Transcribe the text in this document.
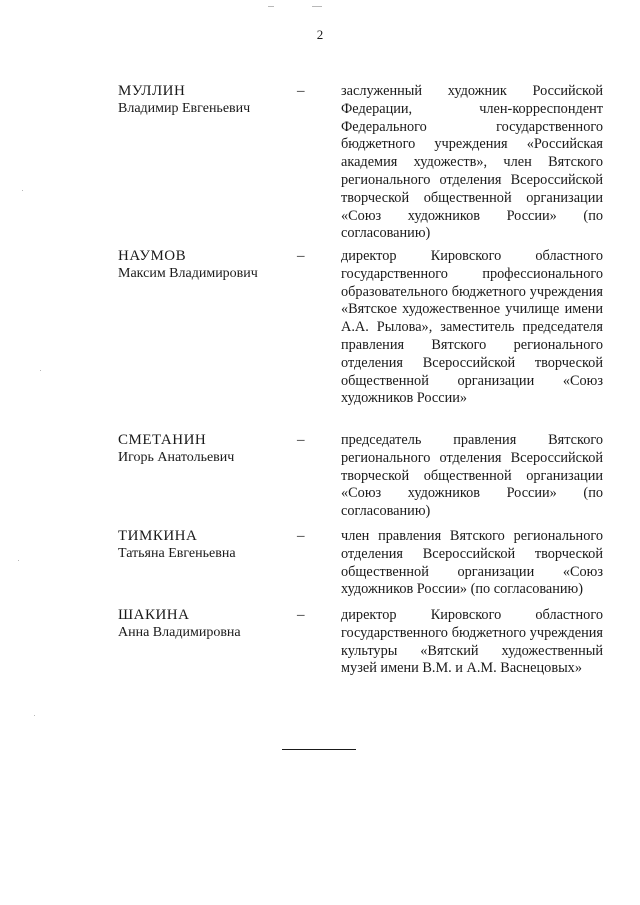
2
МУЛЛИН
Владимир Евгеньевич
–	заслуженный художник Российской Федерации, член-корреспондент Федерального государственного бюджетного учреждения «Российская академия художеств», член Вятского регионального отделения Всероссийской творческой общественной организации «Союз художников России» (по согласованию)
НАУМОВ
Максим Владимирович
–	директор Кировского областного государственного профессионального образовательного бюджетного учреждения «Вятское художественное училище имени А.А. Рылова», заместитель председателя правления Вятского регионального отделения Всероссийской творческой общественной организации «Союз художников России»
СМЕТАНИН
Игорь Анатольевич
–	председатель правления Вятского регионального отделения Всероссийской творческой общественной организации «Союз художников России» (по согласованию)
ТИМКИНА
Татьяна Евгеньевна
–	член правления Вятского регионального отделения Всероссийской творческой общественной организации «Союз художников России» (по согласованию)
ШАКИНА
Анна Владимировна
–	директор Кировского областного государственного бюджетного учреждения культуры «Вятский художественный музей имени В.М. и А.М. Васнецовых»
